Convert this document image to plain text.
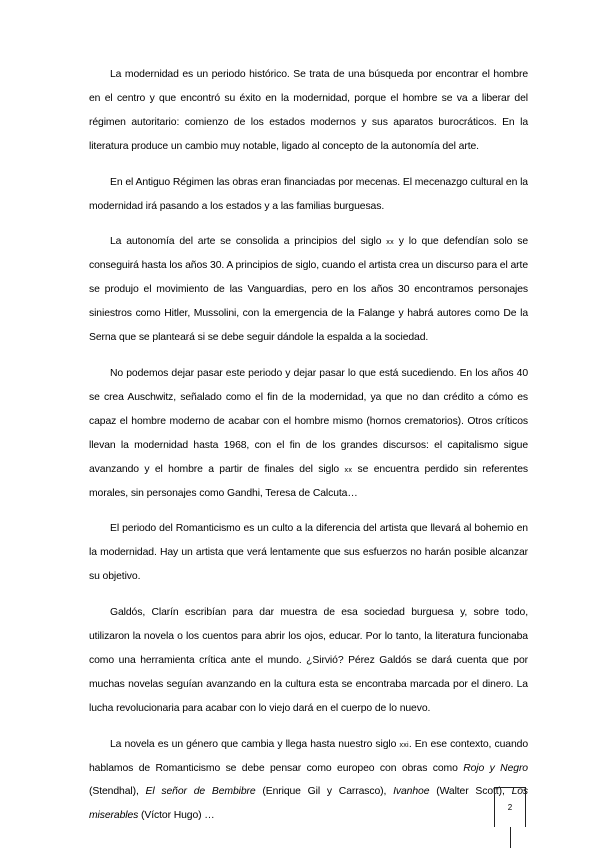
La modernidad es un periodo histórico. Se trata de una búsqueda por encontrar el hombre en el centro y que encontró su éxito en la modernidad, porque el hombre se va a liberar del régimen autoritario: comienzo de los estados modernos y sus aparatos burocráticos. En la literatura produce un cambio muy notable, ligado al concepto de la autonomía del arte.

En el Antiguo Régimen las obras eran financiadas por mecenas. El mecenazgo cultural en la modernidad irá pasando a los estados y a las familias burguesas.

La autonomía del arte se consolida a principios del siglo xx y lo que defendían solo se conseguirá hasta los años 30. A principios de siglo, cuando el artista crea un discurso para el arte se produjo el movimiento de las Vanguardias, pero en los años 30 encontramos personajes siniestros como Hitler, Mussolini, con la emergencia de la Falange y habrá autores como De la Serna que se planteará si se debe seguir dándole la espalda a la sociedad.

No podemos dejar pasar este periodo y dejar pasar lo que está sucediendo. En los años 40 se crea Auschwitz, señalado como el fin de la modernidad, ya que no dan crédito a cómo es capaz el hombre moderno de acabar con el hombre mismo (hornos crematorios). Otros críticos llevan la modernidad hasta 1968, con el fin de los grandes discursos: el capitalismo sigue avanzando y el hombre a partir de finales del siglo xx se encuentra perdido sin referentes morales, sin personajes como Gandhi, Teresa de Calcuta…

El periodo del Romanticismo es un culto a la diferencia del artista que llevará al bohemio en la modernidad. Hay un artista que verá lentamente que sus esfuerzos no harán posible alcanzar su objetivo.

Galdós, Clarín escribían para dar muestra de esa sociedad burguesa y, sobre todo, utilizaron la novela o los cuentos para abrir los ojos, educar. Por lo tanto, la literatura funcionaba como una herramienta crítica ante el mundo. ¿Sirvió? Pérez Galdós se dará cuenta que por muchas novelas seguían avanzando en la cultura esta se encontraba marcada por el dinero. La lucha revolucionaria para acabar con lo viejo dará en el cuerpo de lo nuevo.

La novela es un género que cambia y llega hasta nuestro siglo xxi. En ese contexto, cuando hablamos de Romanticismo se debe pensar como europeo con obras como Rojo y Negro (Stendhal), El señor de Bembibre (Enrique Gil y Carrasco), Ivanhoe (Walter Scott), Los miserables (Víctor Hugo) …

2
